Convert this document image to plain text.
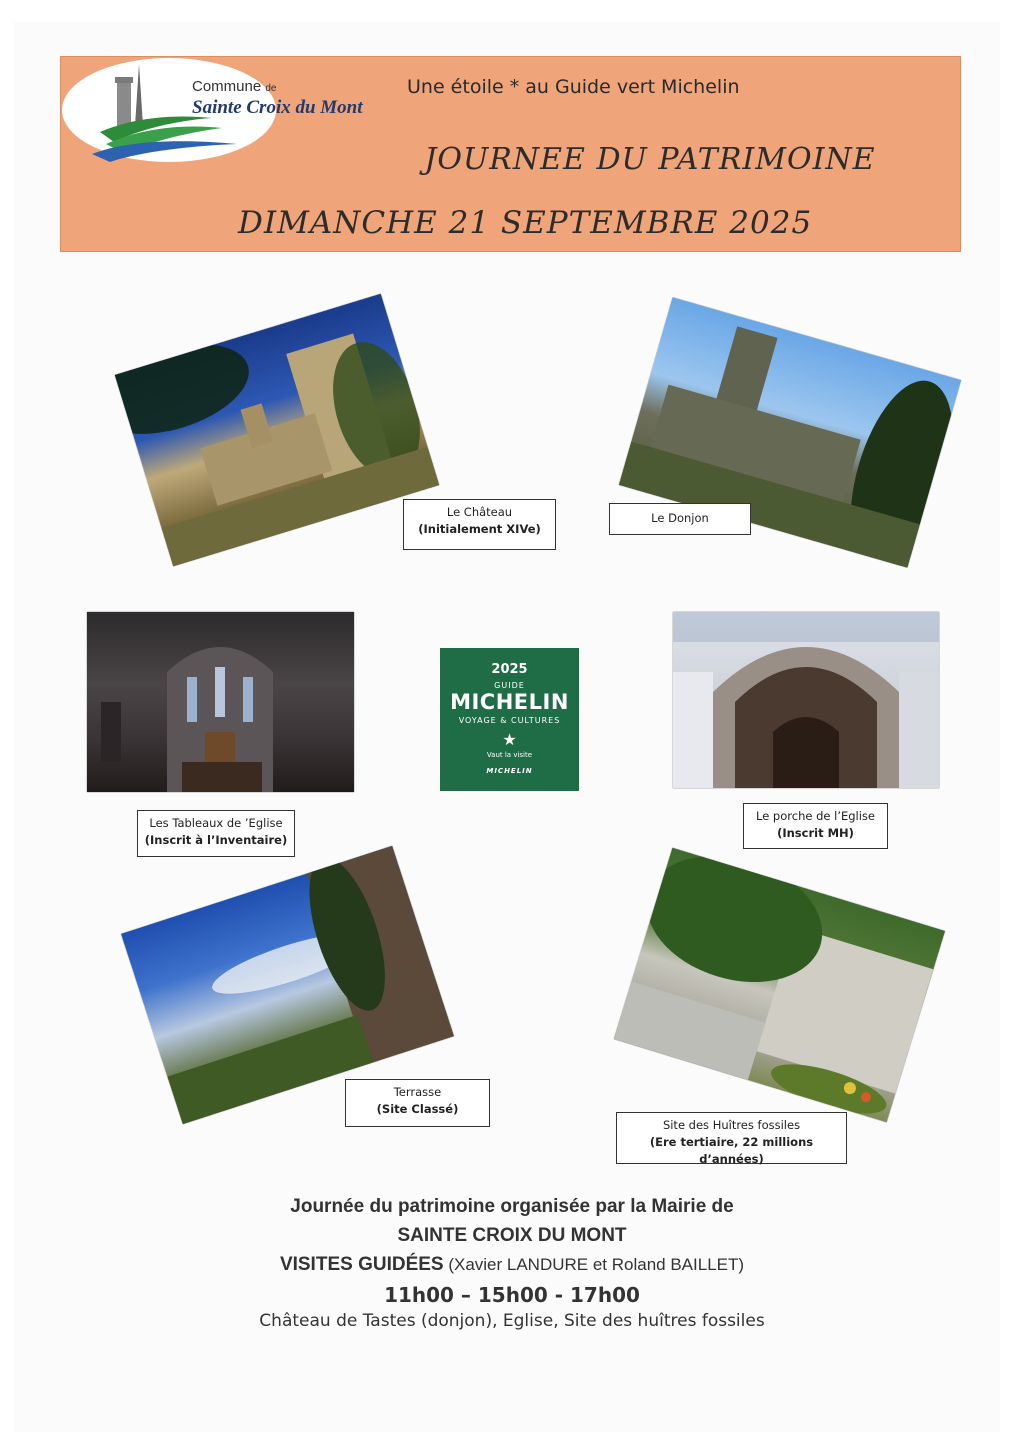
Commune de
Sainte Croix du Mont
Une étoile * au Guide vert Michelin
JOURNEE DU PATRIMOINE
DIMANCHE 21 SEPTEMBRE 2025
Le Château
(Initialement XIVe)
Le Donjon
Les Tableaux de ’Eglise
(Inscrit à l’Inventaire)
2025
GUIDE
MICHELIN
VOYAGE & CULTURES
★
Vaut la visite
MICHELIN
Le porche de l’Eglise
(Inscrit MH)
Terrasse
(Site Classé)
Site des Huîtres fossiles
(Ere tertiaire, 22 millions d’années)
Journée du patrimoine organisée par la Mairie de
SAINTE CROIX DU MONT
VISITES GUIDÉES (Xavier LANDURE et Roland BAILLET)
11h00 – 15h00 - 17h00
Château de Tastes (donjon), Eglise, Site des huîtres fossiles
